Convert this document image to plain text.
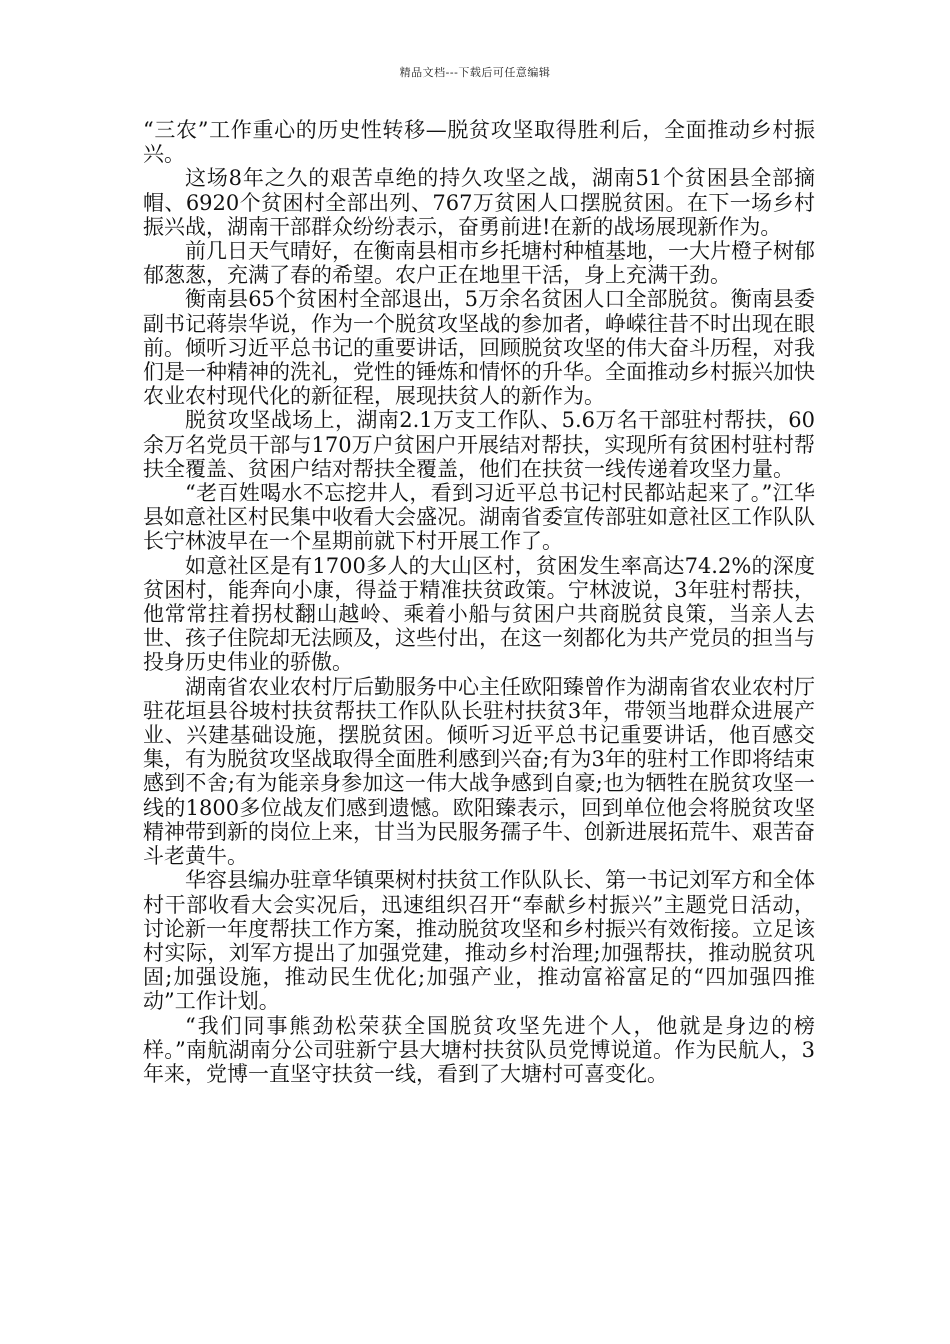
精品文档---下载后可任意编辑

“三农”工作重心的历史性转移—脱贫攻坚取得胜利后，全面推动乡村振兴。

这场8年之久的艰苦卓绝的持久攻坚之战，湖南51个贫困县全部摘帽、6920个贫困村全部出列、767万贫困人口摆脱贫困。在下一场乡村振兴战，湖南干部群众纷纷表示，奋勇前进!在新的战场展现新作为。

前几日天气晴好，在衡南县相市乡托塘村种植基地，一大片橙子树郁郁葱葱，充满了春的希望。农户正在地里干活，身上充满干劲。

衡南县65个贫困村全部退出，5万余名贫困人口全部脱贫。衡南县委副书记蒋崇华说，作为一个脱贫攻坚战的参加者，峥嵘往昔不时出现在眼前。倾听习近平总书记的重要讲话，回顾脱贫攻坚的伟大奋斗历程，对我们是一种精神的洗礼，党性的锤炼和情怀的升华。全面推动乡村振兴加快农业农村现代化的新征程，展现扶贫人的新作为。

脱贫攻坚战场上，湖南2.1万支工作队、5.6万名干部驻村帮扶，60余万名党员干部与170万户贫困户开展结对帮扶，实现所有贫困村驻村帮扶全覆盖、贫困户结对帮扶全覆盖，他们在扶贫一线传递着攻坚力量。

“老百姓喝水不忘挖井人，看到习近平总书记村民都站起来了。”江华县如意社区村民集中收看大会盛况。湖南省委宣传部驻如意社区工作队队长宁林波早在一个星期前就下村开展工作了。

如意社区是有1700多人的大山区村，贫困发生率高达74.2%的深度贫困村，能奔向小康，得益于精准扶贫政策。宁林波说，3年驻村帮扶，他常常拄着拐杖翻山越岭、乘着小船与贫困户共商脱贫良策，当亲人去世、孩子住院却无法顾及，这些付出，在这一刻都化为共产党员的担当与投身历史伟业的骄傲。

湖南省农业农村厅后勤服务中心主任欧阳臻曾作为湖南省农业农村厅驻花垣县谷坡村扶贫帮扶工作队队长驻村扶贫3年，带领当地群众进展产业、兴建基础设施，摆脱贫困。倾听习近平总书记重要讲话，他百感交集，有为脱贫攻坚战取得全面胜利感到兴奋;有为3年的驻村工作即将结束感到不舍;有为能亲身参加这一伟大战争感到自豪;也为牺牲在脱贫攻坚一线的1800多位战友们感到遗憾。欧阳臻表示，回到单位他会将脱贫攻坚精神带到新的岗位上来，甘当为民服务孺子牛、创新进展拓荒牛、艰苦奋斗老黄牛。

华容县编办驻章华镇栗树村扶贫工作队队长、第一书记刘军方和全体村干部收看大会实况后，迅速组织召开“奉献乡村振兴”主题党日活动，讨论新一年度帮扶工作方案，推动脱贫攻坚和乡村振兴有效衔接。立足该村实际，刘军方提出了加强党建，推动乡村治理;加强帮扶，推动脱贫巩固;加强设施，推动民生优化;加强产业，推动富裕富足的“四加强四推动”工作计划。

“我们同事熊劲松荣获全国脱贫攻坚先进个人，他就是身边的榜样。”南航湖南分公司驻新宁县大塘村扶贫队员党博说道。作为民航人，3年来，党博一直坚守扶贫一线，看到了大塘村可喜变化。
